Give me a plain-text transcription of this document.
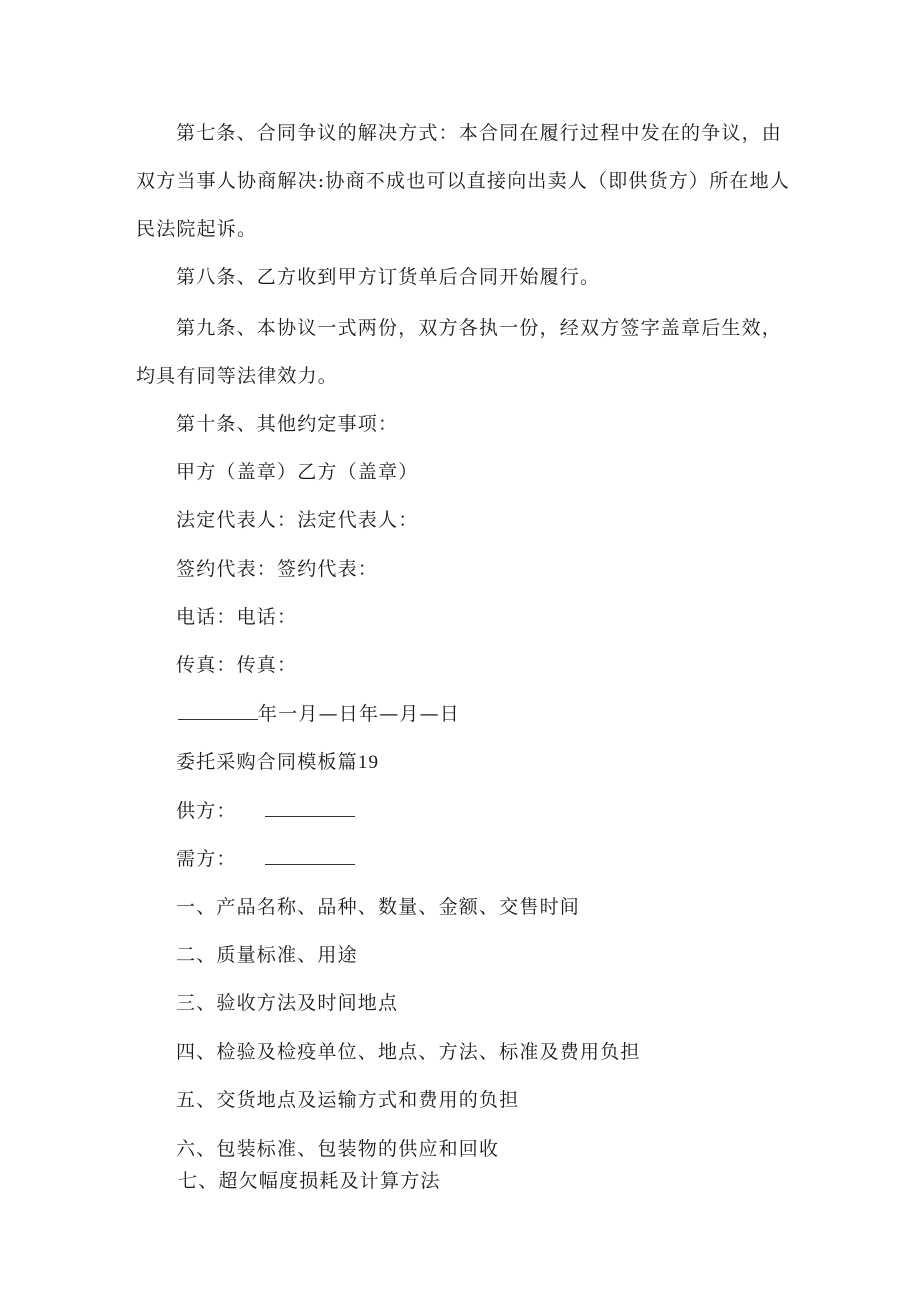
第七条、合同争议的解决方式：本合同在履行过程中发在的争议，由
双方当事人协商解决:协商不成也可以直接向出卖人（即供货方）所在地人
民法院起诉。
第八条、乙方收到甲方订货单后合同开始履行。
第九条、本协议一式两份，双方各执一份，经双方签字盖章后生效，
均具有同等法律效力。
第十条、其他约定事项：
甲方（盖章）乙方（盖章）
法定代表人：法定代表人：
签约代表：签约代表：
电话：电话：
传真：传真：
年一月—日年—月—日
委托采购合同模板篇19
供方：
需方：
一、产品名称、品种、数量、金额、交售时间
二、质量标准、用途
三、验收方法及时间地点
四、检验及检疫单位、地点、方法、标准及费用负担
五、交货地点及运输方式和费用的负担
六、包装标准、包装物的供应和回收
七、超欠幅度损耗及计算方法
